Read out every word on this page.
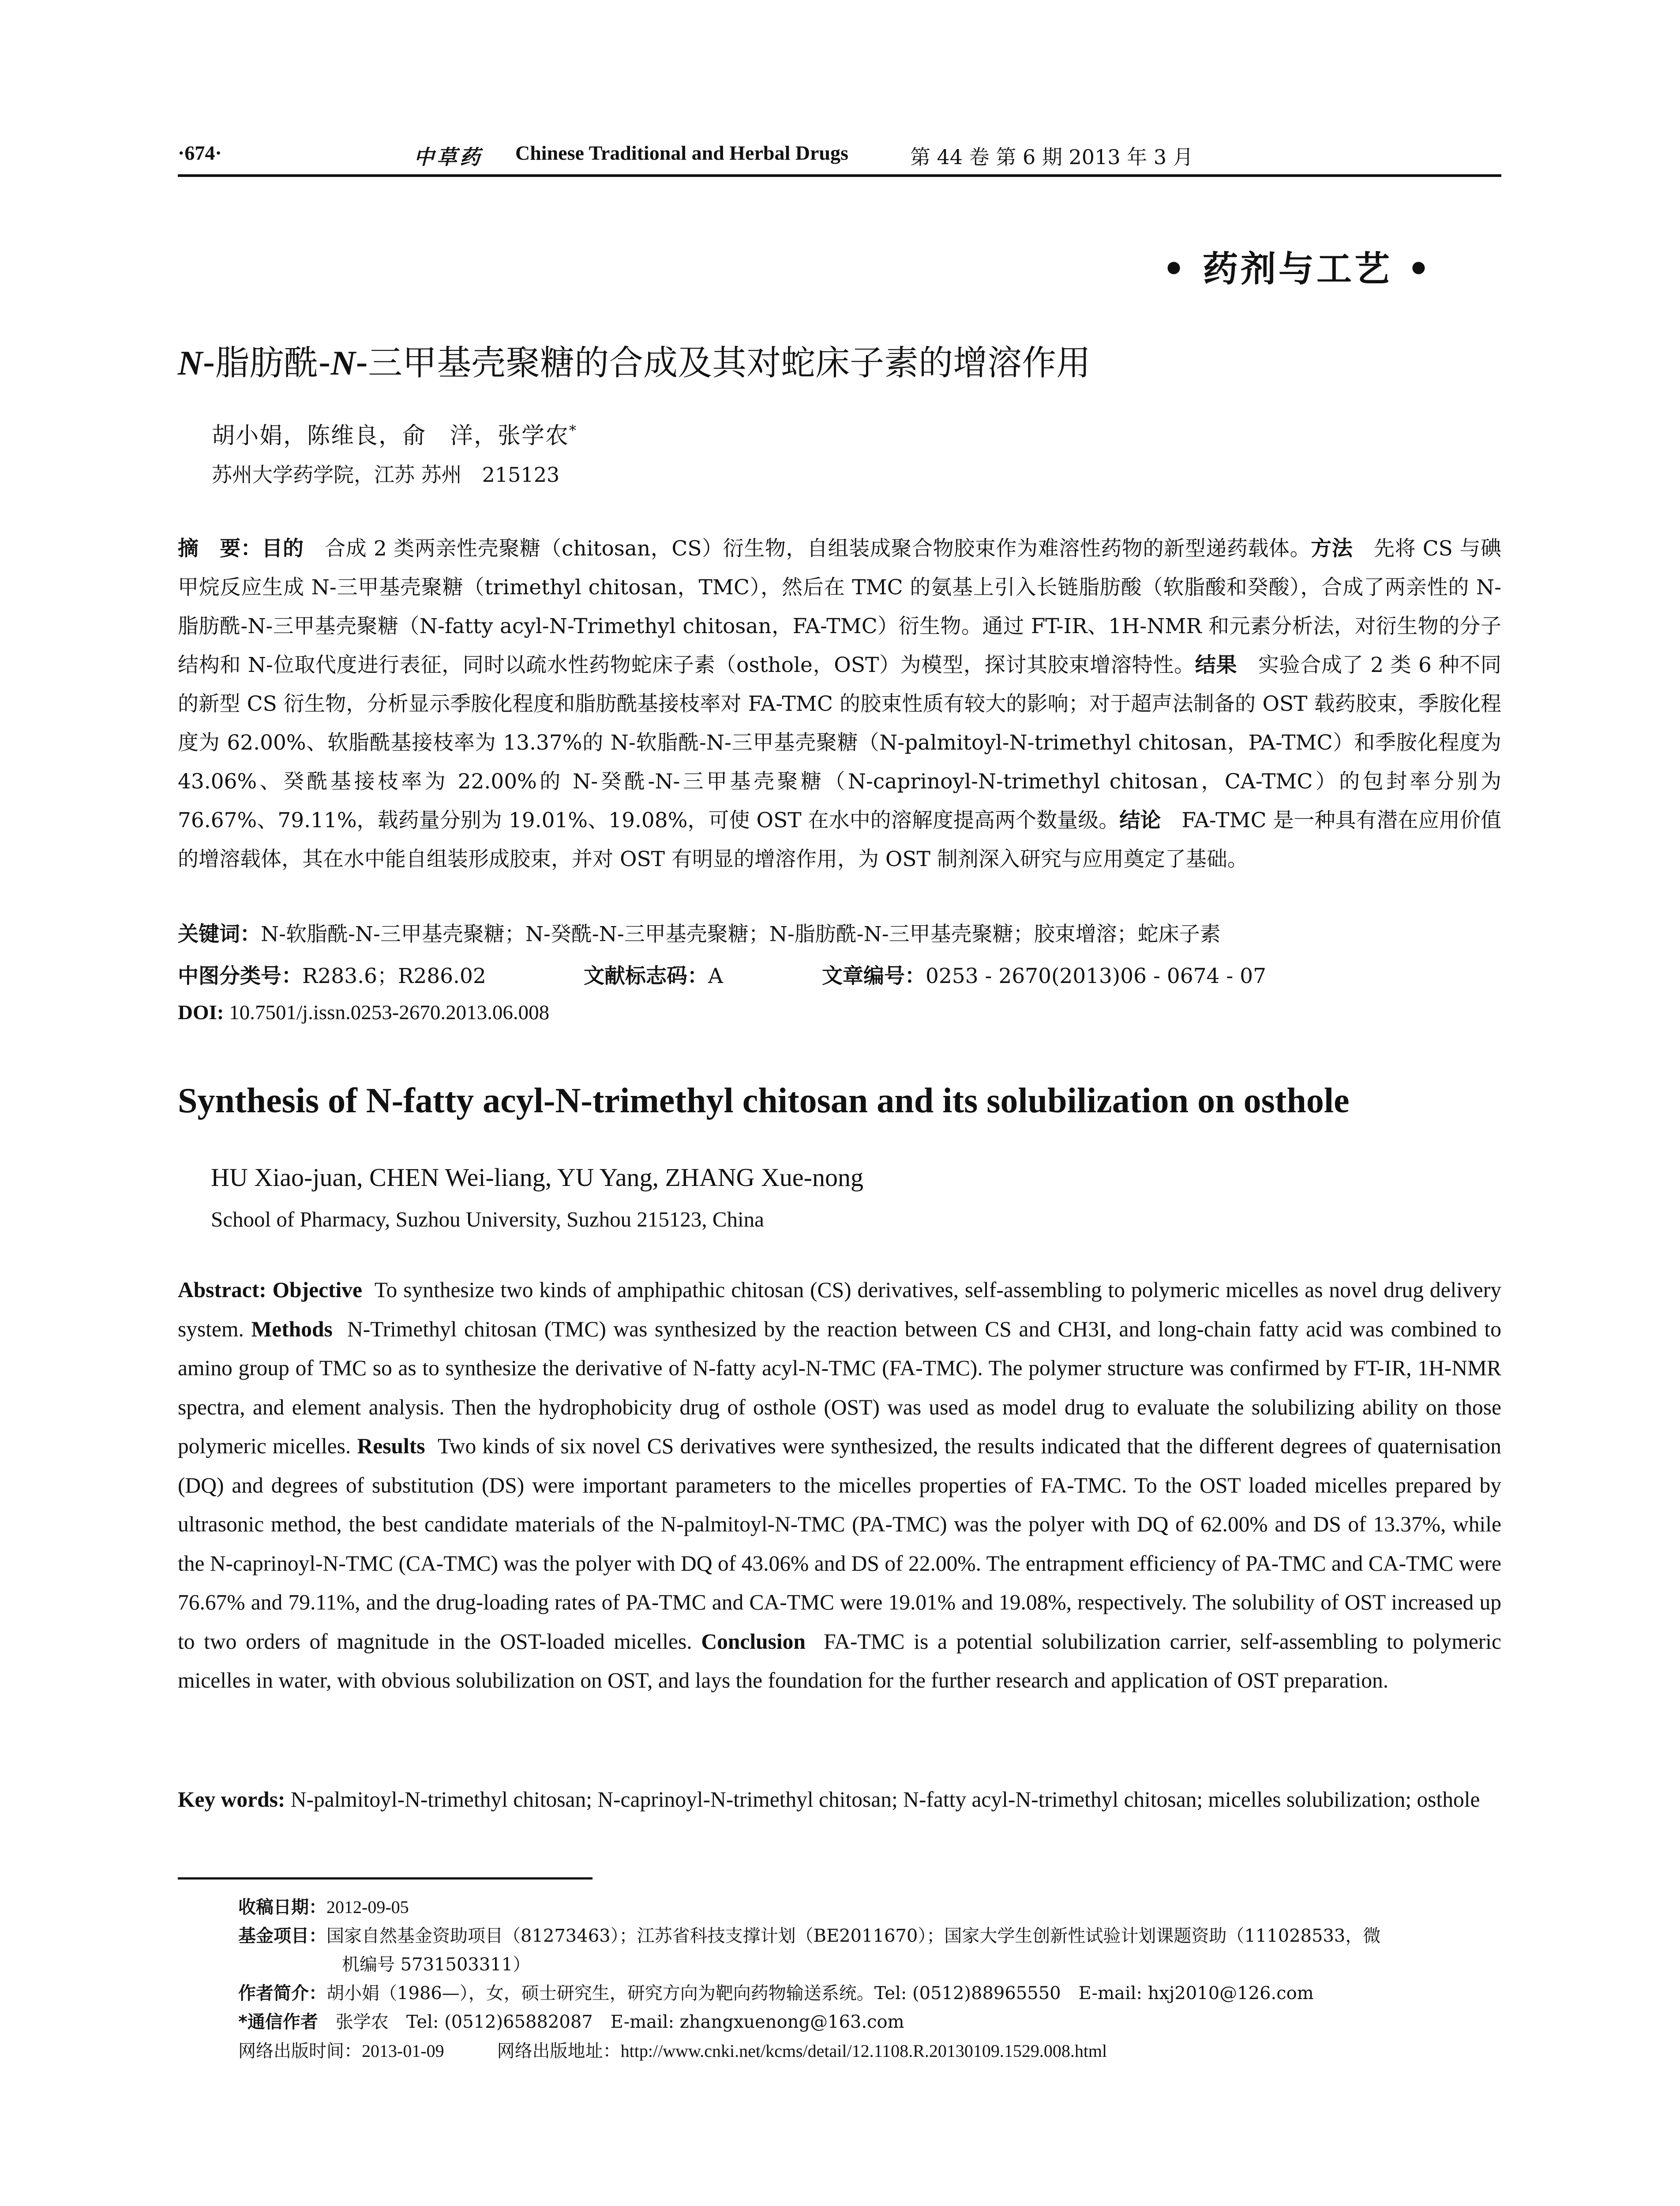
·674·	中草药 Chinese Traditional and Herbal Drugs	第 44 卷 第 6 期 2013 年 3 月
• 药剂与工艺 •
N-脂肪酰-N-三甲基壳聚糖的合成及其对蛇床子素的增溶作用
胡小娟，陈维良，俞　洋，张学农*
苏州大学药学院，江苏 苏州　215123
摘　要：目的　合成 2 类两亲性壳聚糖（chitosan，CS）衍生物，自组装成聚合物胶束作为难溶性药物的新型递药载体。方法　先将 CS 与碘甲烷反应生成 N-三甲基壳聚糖（trimethyl chitosan，TMC），然后在 TMC 的氨基上引入长链脂肪酸（软脂酸和癸酸），合成了两亲性的 N-脂肪酰-N-三甲基壳聚糖（N-fatty acyl-N-Trimethyl chitosan，FA-TMC）衍生物。通过 FT-IR、1H-NMR 和元素分析法，对衍生物的分子结构和 N-位取代度进行表征，同时以疏水性药物蛇床子素（osthole，OST）为模型，探讨其胶束增溶特性。结果　实验合成了 2 类 6 种不同的新型 CS 衍生物，分析显示季胺化程度和脂肪酰基接枝率对 FA-TMC 的胶束性质有较大的影响；对于超声法制备的 OST 载药胶束，季胺化程度为 62.00%、软脂酰基接枝率为 13.37%的 N-软脂酰-N-三甲基壳聚糖（N-palmitoyl-N-trimethyl chitosan，PA-TMC）和季胺化程度为 43.06%、癸酰基接枝率为 22.00%的 N-癸酰-N-三甲基壳聚糖（N-caprinoyl-N-trimethyl chitosan，CA-TMC）的包封率分别为 76.67%、79.11%，载药量分别为 19.01%、19.08%，可使 OST 在水中的溶解度提高两个数量级。结论　FA-TMC 是一种具有潜在应用价值的增溶载体，其在水中能自组装形成胶束，并对 OST 有明显的增溶作用，为 OST 制剂深入研究与应用奠定了基础。
关键词：N-软脂酰-N-三甲基壳聚糖；N-癸酰-N-三甲基壳聚糖；N-脂肪酰-N-三甲基壳聚糖；胶束增溶；蛇床子素
中图分类号：R283.6；R286.02	文献标志码：A	文章编号：0253 - 2670(2013)06 - 0674 - 07
DOI: 10.7501/j.issn.0253-2670.2013.06.008
Synthesis of N-fatty acyl-N-trimethyl chitosan and its solubilization on osthole
HU Xiao-juan, CHEN Wei-liang, YU Yang, ZHANG Xue-nong
School of Pharmacy, Suzhou University, Suzhou 215123, China
Abstract: Objective To synthesize two kinds of amphipathic chitosan (CS) derivatives, self-assembling to polymeric micelles as novel drug delivery system. Methods N-Trimethyl chitosan (TMC) was synthesized by the reaction between CS and CH3I, and long-chain fatty acid was combined to amino group of TMC so as to synthesize the derivative of N-fatty acyl-N-TMC (FA-TMC). The polymer structure was confirmed by FT-IR, 1H-NMR spectra, and element analysis. Then the hydrophobicity drug of osthole (OST) was used as model drug to evaluate the solubilizing ability on those polymeric micelles. Results Two kinds of six novel CS derivatives were synthesized, the results indicated that the different degrees of quaternisation (DQ) and degrees of substitution (DS) were important parameters to the micelles properties of FA-TMC. To the OST loaded micelles prepared by ultrasonic method, the best candidate materials of the N-palmitoyl-N-TMC (PA-TMC) was the polyer with DQ of 62.00% and DS of 13.37%, while the N-caprinoyl-N-TMC (CA-TMC) was the polyer with DQ of 43.06% and DS of 22.00%. The entrapment efficiency of PA-TMC and CA-TMC were 76.67% and 79.11%, and the drug-loading rates of PA-TMC and CA-TMC were 19.01% and 19.08%, respectively. The solubility of OST increased up to two orders of magnitude in the OST-loaded micelles. Conclusion FA-TMC is a potential solubilization carrier, self-assembling to polymeric micelles in water, with obvious solubilization on OST, and lays the foundation for the further research and application of OST preparation.
Key words: N-palmitoyl-N-trimethyl chitosan; N-caprinoyl-N-trimethyl chitosan; N-fatty acyl-N-trimethyl chitosan; micelles solubilization; osthole
收稿日期：2012-09-05
基金项目：国家自然基金资助项目（81273463）；江苏省科技支撑计划（BE2011670）；国家大学生创新性试验计划课题资助（111028533，微
机编号 5731503311）
作者简介：胡小娟（1986—），女，硕士研究生，研究方向为靶向药物输送系统。Tel: (0512)88965550　E-mail: hxj2010@126.com
*通信作者　张学农　Tel: (0512)65882087　E-mail: zhangxuenong@163.com
网络出版时间：2013-01-09　　　	网络出版地址：http://www.cnki.net/kcms/detail/12.1108.R.20130109.1529.008.html
